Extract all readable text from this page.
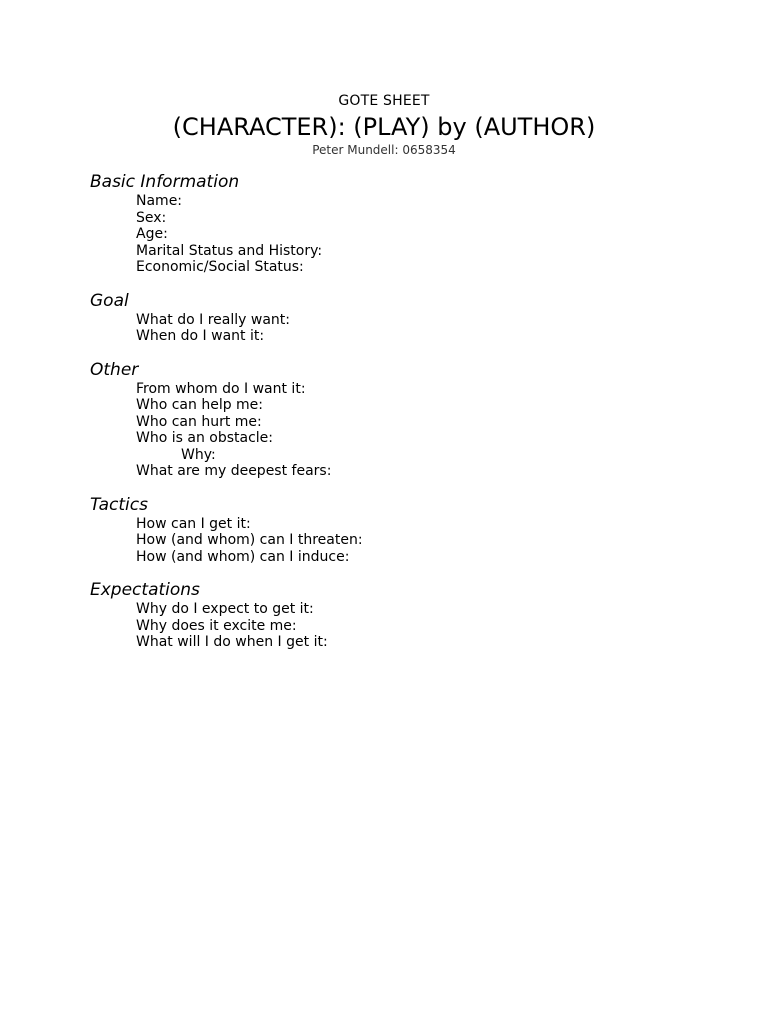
GOTE SHEET
(CHARACTER): (PLAY) by (AUTHOR)
Peter Mundell: 0658354
Basic Information
Name:
Sex:
Age:
Marital Status and History:
Economic/Social Status:
Goal
What do I really want:
When do I want it:
Other
From whom do I want it:
Who can help me:
Who can hurt me:
Who is an obstacle:
Why:
What are my deepest fears:
Tactics
How can I get it:
How (and whom) can I threaten:
How (and whom) can I induce:
Expectations
Why do I expect to get it:
Why does it excite me:
What will I do when I get it:
